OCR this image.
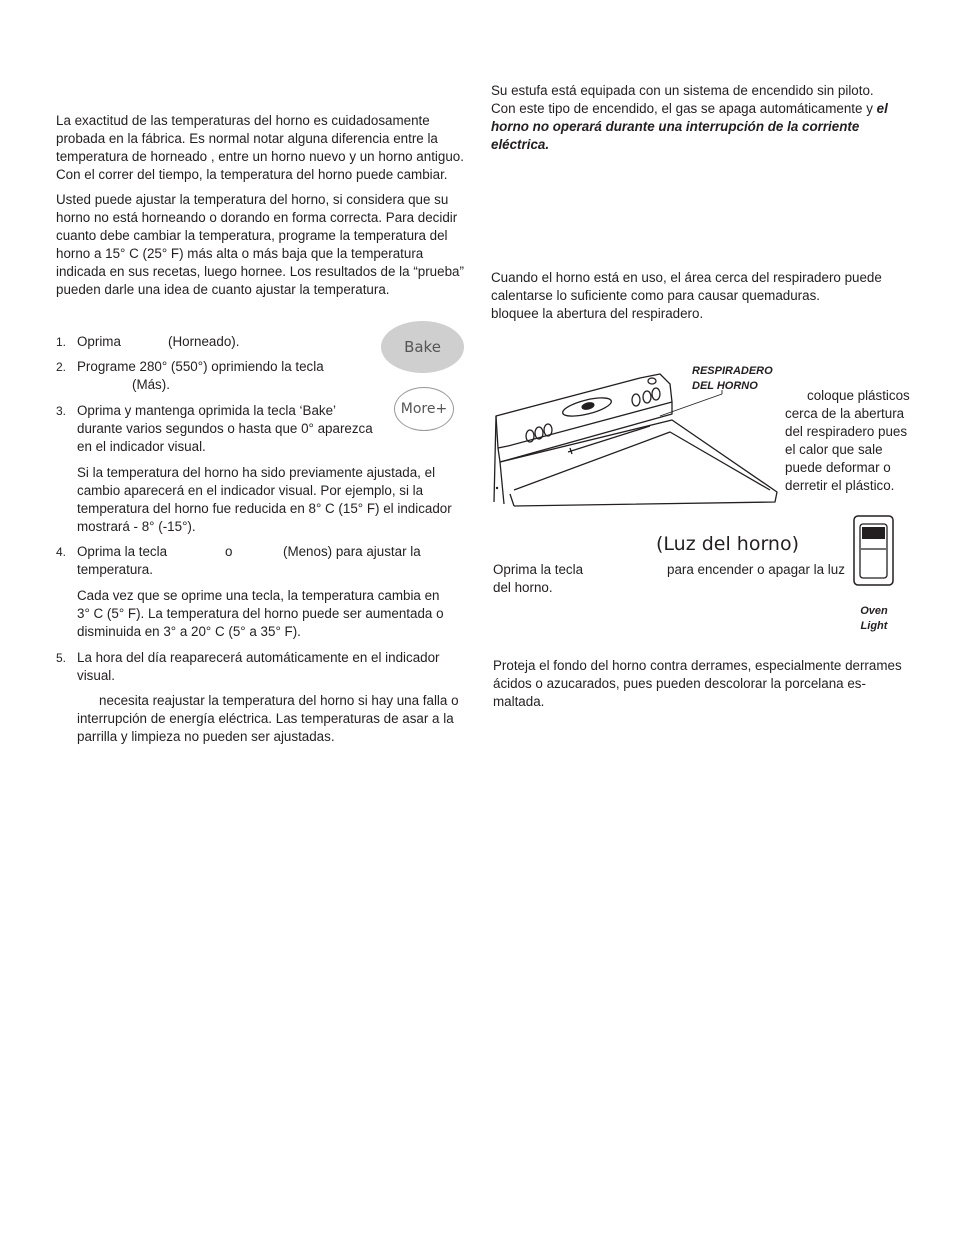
La exactitud de las temperaturas del horno es cuidadosamente probada en la fábrica. Es normal notar alguna diferencia entre la temperatura de horneado , entre un horno nuevo y un horno antiguo. Con el correr del tiempo, la temperatura del horno puede cambiar.

Usted puede ajustar la temperatura del horno, si considera que su horno no está horneando o dorando en forma correcta. Para decidir cuanto debe cambiar la temperatura, programe la temperatura del horno a 15° C (25° F) más alta o más baja que la temperatura indicada en sus recetas, luego hornee. Los resultados de la “prueba” pueden darle una idea de cuanto ajustar la temperatura.

1. Oprima	(Horneado).
2. Programe 280° (550°) oprimiendo la tecla
(Más).
3. Oprima y mantenga oprimida la tecla ‘Bake’ durante varios segundos o hasta que 0° aparezca en el indicador visual.

Si la temperatura del horno ha sido previamente ajustada, el cambio aparecerá en el indicador visual. Por ejemplo, si la temperatura del horno fue reducida en 8° C (15° F) el indicador mostrará - 8° (-15°).

4. Oprima la tecla	o	(Menos) para ajustar la
temperatura.

Cada vez que se oprime una tecla, la temperatura cambia en 3° C (5° F). La temperatura del horno puede ser aumentada o disminuida en 3° a 20° C (5° a 35° F).

5. La hora del día reaparecerá automáticamente en el indicador visual.

necesita reajustar la temperatura del horno si hay una falla o interrupción de energía eléctrica. Las temperaturas de asar a la parrilla y limpieza no pueden ser ajustadas.

Bake
More+
Su estufa está equipada con un sistema de encendido sin piloto.
Con este tipo de encendido, el gas se apaga automáticamente y el
horno no operará durante una interrupción de la corriente
eléctrica.
Cuando el horno está en uso, el área cerca del respiradero puede
calentarse lo suficiente como para causar quemaduras.
bloquee la abertura del respiradero.
RESPIRADERO
DEL HORNO
coloque plásticos
cerca de la abertura
del respiradero pues
el calor que sale
puede deformar o
derretir el plástico.
(Luz del horno)
Oprima la tecla	para encender o apagar la luz
del horno.
Oven
Light

Proteja el fondo del horno contra derrames, especialmente derrames ácidos o azucarados, pues pueden descolorar la porcelana es-maltada.
